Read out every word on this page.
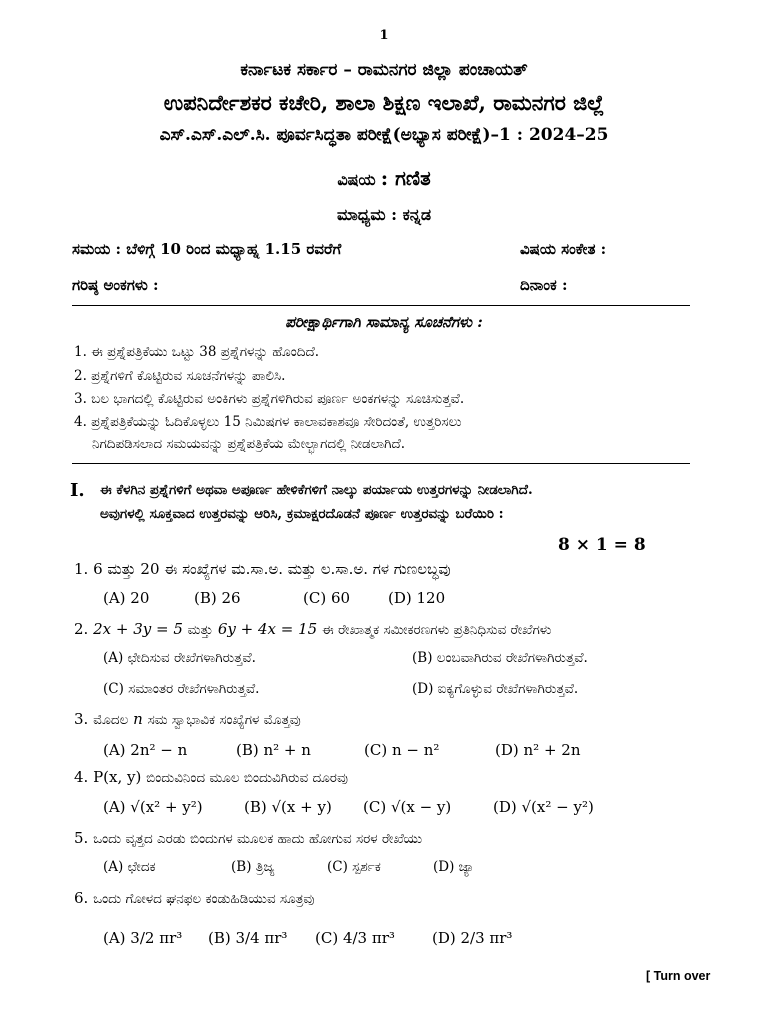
1
ಕರ್ನಾಟಕ ಸರ್ಕಾರ – ರಾಮನಗರ ಜಿಲ್ಲಾ ಪಂಚಾಯತ್
ಉಪನಿರ್ದೇಶಕರ ಕಚೇರಿ, ಶಾಲಾ ಶಿಕ್ಷಣ ಇಲಾಖೆ, ರಾಮನಗರ ಜಿಲ್ಲೆ
ಎಸ್.ಎಸ್.ಎಲ್.ಸಿ. ಪೂರ್ವಸಿದ್ಧತಾ ಪರೀಕ್ಷೆ(ಅಭ್ಯಾಸ ಪರೀಕ್ಷೆ)–1 : 2024–25
ವಿಷಯ : ಗಣಿತ
ಮಾಧ್ಯಮ : ಕನ್ನಡ
ಸಮಯ : ಬೆಳಿಗ್ಗೆ 10 ರಿಂದ ಮಧ್ಯಾಹ್ನ 1.15 ರವರೆಗೆ	ವಿಷಯ ಸಂಕೇತ :
ಗರಿಷ್ಠ ಅಂಕಗಳು :	ದಿನಾಂಕ :
ಪರೀಕ್ಷಾರ್ಥಿಗಾಗಿ ಸಾಮಾನ್ಯ ಸೂಚನೆಗಳು :
1. ಈ ಪ್ರಶ್ನೆಪತ್ರಿಕೆಯು ಒಟ್ಟು 38 ಪ್ರಶ್ನೆಗಳನ್ನು ಹೊಂದಿದೆ.
2. ಪ್ರಶ್ನೆಗಳಿಗೆ ಕೊಟ್ಟಿರುವ ಸೂಚನೆಗಳನ್ನು ಪಾಲಿಸಿ.
3. ಬಲ ಭಾಗದಲ್ಲಿ ಕೊಟ್ಟಿರುವ ಅಂಕಿಗಳು ಪ್ರಶ್ನೆಗಳಿಗಿರುವ ಪೂರ್ಣ ಅಂಕಗಳನ್ನು ಸೂಚಿಸುತ್ತವೆ.
4. ಪ್ರಶ್ನೆಪತ್ರಿಕೆಯನ್ನು ಓದಿಕೊಳ್ಳಲು 15 ನಿಮಿಷಗಳ ಕಾಲಾವಕಾಶವೂ ಸೇರಿದಂತೆ, ಉತ್ತರಿಸಲು
ನಿಗದಿಪಡಿಸಲಾದ ಸಮಯವನ್ನು ಪ್ರಶ್ನೆಪತ್ರಿಕೆಯ ಮೇಲ್ಭಾಗದಲ್ಲಿ ನೀಡಲಾಗಿದೆ.
I. ಈ ಕೆಳಗಿನ ಪ್ರಶ್ನೆಗಳಿಗೆ ಅಥವಾ ಅಪೂರ್ಣ ಹೇಳಿಕೆಗಳಿಗೆ ನಾಲ್ಕು ಪರ್ಯಾಯ ಉತ್ತರಗಳನ್ನು ನೀಡಲಾಗಿದೆ.
ಅವುಗಳಲ್ಲಿ ಸೂಕ್ತವಾದ ಉತ್ತರವನ್ನು ಆರಿಸಿ, ಕ್ರಮಾಕ್ಷರದೊಡನೆ ಪೂರ್ಣ ಉತ್ತರವನ್ನು ಬರೆಯಿರಿ :
8 × 1 = 8
1. 6 ಮತ್ತು 20 ಈ ಸಂಖ್ಯೆಗಳ ಮ.ಸಾ.ಅ. ಮತ್ತು ಲ.ಸಾ.ಅ. ಗಳ ಗುಣಲಬ್ಧವು
(A) 20	(B) 26	(C) 60	(D) 120
2. 2x + 3y = 5 ಮತ್ತು 6y + 4x = 15 ಈ ರೇಖಾತ್ಮಕ ಸಮೀಕರಣಗಳು ಪ್ರತಿನಿಧಿಸುವ ರೇಖೆಗಳು
(A) ಛೇದಿಸುವ ರೇಖೆಗಳಾಗಿರುತ್ತವೆ.	(B) ಲಂಬವಾಗಿರುವ ರೇಖೆಗಳಾಗಿರುತ್ತವೆ.
(C) ಸಮಾಂತರ ರೇಖೆಗಳಾಗಿರುತ್ತವೆ.	(D) ಐಕ್ಯಗೊಳ್ಳುವ ರೇಖೆಗಳಾಗಿರುತ್ತವೆ.
3. ಮೊದಲ n ಸಮ ಸ್ವಾಭಾವಿಕ ಸಂಖ್ಯೆಗಳ ಮೊತ್ತವು
(A) 2n² − n	(B) n² + n	(C) n − n²	(D) n² + 2n
4. P(x, y) ಬಿಂದುವಿನಿಂದ ಮೂಲ ಬಿಂದುವಿಗಿರುವ ದೂರವು
(A) √(x² + y²)	(B) √(x + y) (C) √(x − y)	(D) √(x² − y²)
5. ಒಂದು ವೃತ್ತದ ಎರಡು ಬಿಂದುಗಳ ಮೂಲಕ ಹಾದು ಹೋಗುವ ಸರಳ ರೇಖೆಯು
(A) ಛೇದಕ	(B) ತ್ರಿಜ್ಯ	(C) ಸ್ಪರ್ಶಕ	(D) ಜ್ಯಾ
6. ಒಂದು ಗೋಳದ ಘನಫಲ ಕಂಡುಹಿಡಿಯುವ ಸೂತ್ರವು
(A) 3/2 πr³ (B) 3/4 πr³ (C) 4/3 πr³ (D) 2/3 πr³
[ Turn over
